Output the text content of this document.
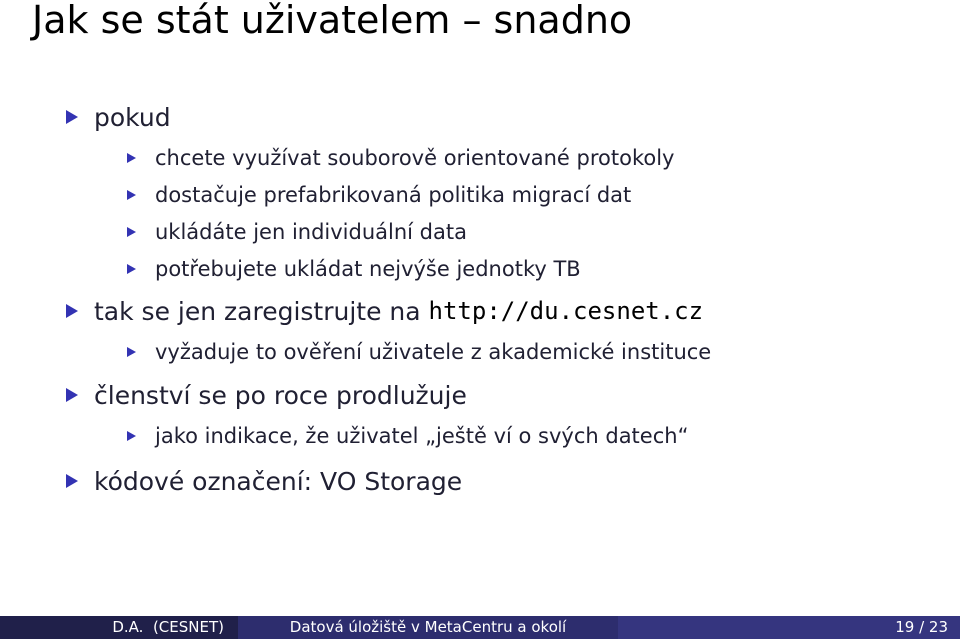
Jak se stát uživatelem – snadno
pokud
chcete využívat souborově orientované protokoly
dostačuje prefabrikovaná politika migrací dat
ukládáte jen individuální data
potřebujete ukládat nejvýše jednotky TB
tak se jen zaregistrujte na http://du.cesnet.cz
vyžaduje to ověření uživatele z akademické instituce
členství se po roce prodlužuje
jako indikace, že uživatel „ještě ví o svých datech“
kódové označení: VO Storage
D.A.  (CESNET)	Datová úložiště v MetaCentru a okolí	19 / 23
